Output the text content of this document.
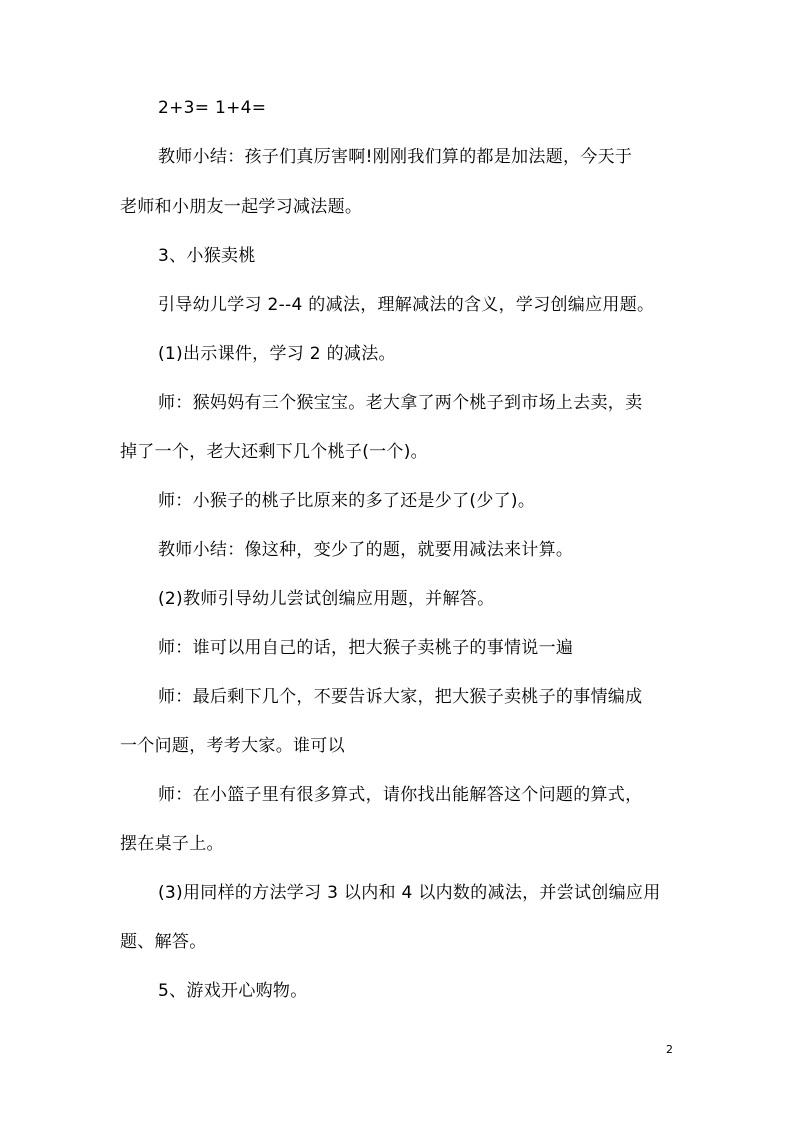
2+3= 1+4=
教师小结：孩子们真厉害啊!刚刚我们算的都是加法题，今天于
老师和小朋友一起学习减法题。
3、小猴卖桃
引导幼儿学习 2--4 的减法，理解减法的含义，学习创编应用题。
(1)出示课件，学习 2 的减法。
师：猴妈妈有三个猴宝宝。老大拿了两个桃子到市场上去卖，卖
掉了一个，老大还剩下几个桃子(一个)。
师：小猴子的桃子比原来的多了还是少了(少了)。
教师小结：像这种，变少了的题，就要用减法来计算。
(2)教师引导幼儿尝试创编应用题，并解答。
师：谁可以用自己的话，把大猴子卖桃子的事情说一遍
师：最后剩下几个，不要告诉大家，把大猴子卖桃子的事情编成
一个问题，考考大家。谁可以
师：在小篮子里有很多算式，请你找出能解答这个问题的算式，
摆在桌子上。
(3)用同样的方法学习 3 以内和 4 以内数的减法，并尝试创编应用
题、解答。
5、游戏开心购物。
2
